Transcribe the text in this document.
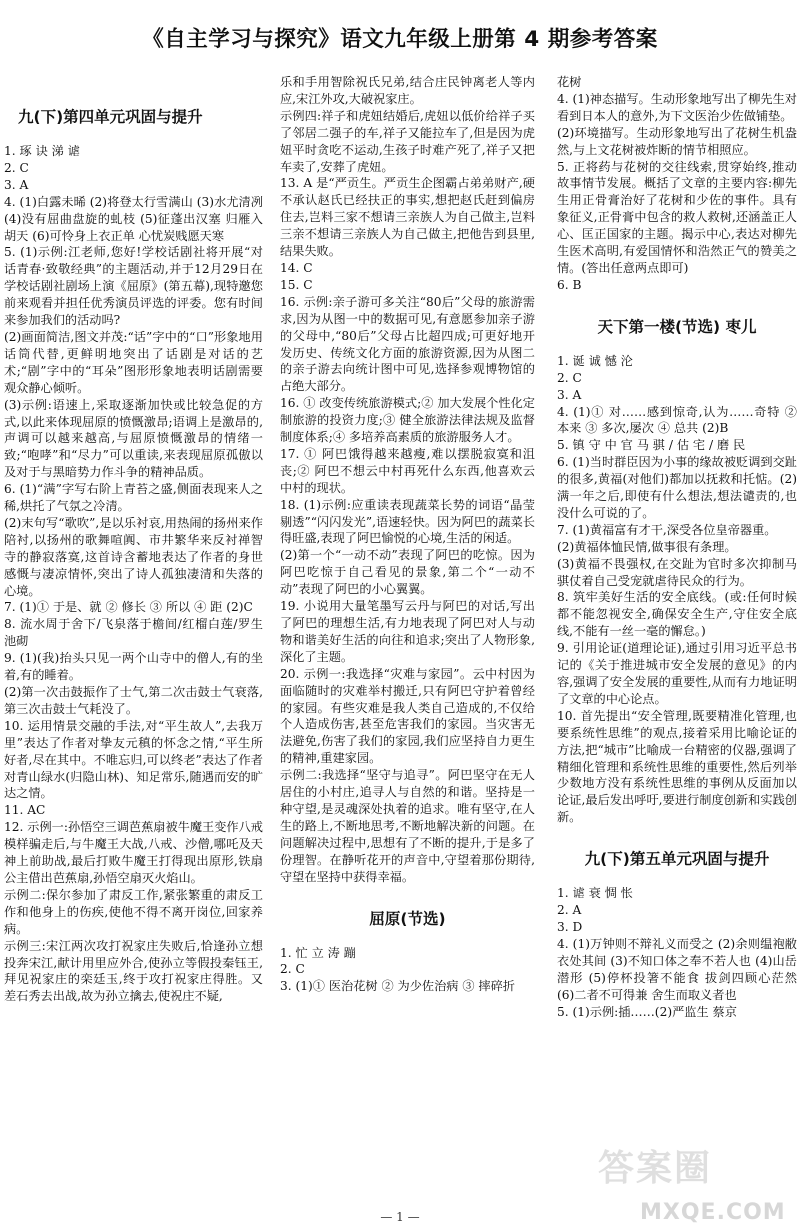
《自主学习与探究》语文九年级上册第 4 期参考答案

九(下)第四单元巩固与提升

1. 琢 诀 涕 谑

2. C

3. A

4. (1)白露未晞 (2)将登太行雪满山 (3)水尤清冽 (4)没有屈曲盘旋的虬枝 (5)征蓬出汉塞 归雁入胡天 (6)可怜身上衣正单 心忧炭贱愿天寒

5. (1)示例:江老师,您好!学校话剧社将开展“对话青春·致敬经典”的主题活动,并于12月29日在学校话剧社剧场上演《屈原》(第五幕),现特邀您前来观看并担任优秀演员评选的评委。您有时间来参加我们的活动吗?

(2)画面简洁,图文并茂:“话”字中的“口”形象地用话筒代替,更鲜明地突出了话剧是对话的艺术;“剧”字中的“耳朵”图形形象地表明话剧需要观众静心倾听。

(3)示例:语速上,采取逐渐加快或比较急促的方式,以此来体现屈原的愤慨激昂;语调上是激昂的,声调可以越来越高,与屈原愤慨激昂的情绪一致;“咆哮”和“尽力”可以重读,来表现屈原孤傲以及对于与黑暗势力作斗争的精神品质。

6. (1)“满”字写右阶上青苔之盛,侧面表现来人之稀,烘托了气氛之冷清。

(2)末句写“歌吹”,是以乐衬哀,用热闹的扬州来作陪衬,以扬州的歌舞喧阗、市井繁华来反衬禅智寺的静寂落寞,这首诗含蓄地表达了作者的身世感慨与凄凉情怀,突出了诗人孤独凄清和失落的心境。

7. (1)① 于是、就 ② 修长 ③ 所以 ④ 距 (2)C

8. 流水周于舍下/飞泉落于檐间/红榴白莲/罗生池砌

9. (1)(我)抬头只见一两个山寺中的僧人,有的坐着,有的睡着。

(2)第一次击鼓振作了士气,第二次击鼓士气衰落,第三次击鼓士气耗没了。

10. 运用情景交融的手法,对“平生故人”,去我万里”表达了作者对挚友元稹的怀念之情,“平生所好者,尽在其中。不唯忘归,可以终老”表达了作者对青山绿水(归隐山林)、知足常乐,随遇而安的旷达之情。

11. AC

12. 示例一:孙悟空三调芭蕉扇被牛魔王变作八戒模样骗走后,与牛魔王大战,八戒、沙僧,哪吒及天神上前助战,最后打败牛魔王打得现出原形,铁扇公主借出芭蕉扇,孙悟空扇灭火焰山。

示例二:保尔参加了肃反工作,紧张繁重的肃反工作和他身上的伤疾,使他不得不离开岗位,回家养病。

示例三:宋江两次攻打祝家庄失败后,恰逢孙立想投奔宋江,献计用里应外合,使孙立等假投秦钰王,拜见祝家庄的栾廷玉,终于攻打祝家庄得胜。又差石秀去出战,故为孙立擒去,使祝庄不疑,

乐和手用智除祝氏兄弟,结合庄民钟离老人等内应,宋江外攻,大破祝家庄。

示例四:祥子和虎妞结婚后,虎妞以低价给祥子买了邻居二强子的车,祥子又能拉车了,但是因为虎妞平时贪吃不运动,生孩子时难产死了,祥子又把车卖了,安葬了虎妞。

13. A 是“严贡生。严贡生企图霸占弟弟财产,硬不承认赵氏已经扶正的事实,想把赵氏赶到偏房住去,岂料三家不想请三亲族人为自己做主,岂料三亲不想请三亲族人为自己做主,把他告到县里,结果失败。

14. C

15. C

16. 示例:亲子游可多关注“80后”父母的旅游需求,因为从图一中的数据可见,有意愿参加亲子游的父母中,“80后”父母占比超四成;可更好地开发历史、传统文化方面的旅游资源,因为从图二的亲子游去向统计图中可见,选择参观博物馆的占绝大部分。

16. ① 改变传统旅游模式;② 加大发展个性化定制旅游的投资力度;③ 健全旅游法律法规及监督制度体系;④ 多培养高素质的旅游服务人才。

17. ① 阿巴饿得越来越瘦,难以摆脱寂寞和沮丧;② 阿巴不想云中村再死什么东西,他喜欢云中村的现状。

18. (1)示例:应重读表现蔬菜长势的词语“晶莹剔透”“闪闪发光”,语速轻快。因为阿巴的蔬菜长得旺盛,表现了阿巴愉悦的心境,生活的闲适。

(2)第一个“一动不动”表现了阿巴的吃惊。因为阿巴吃惊于自己看见的景象,第二个“一动不动”表现了阿巴的小心翼翼。

19. 小说用大量笔墨写云丹与阿巴的对话,写出了阿巴的理想生活,有力地表现了阿巴对人与动物和谐美好生活的向往和追求;突出了人物形象,深化了主题。

20. 示例一:我选择“灾难与家园”。云中村因为面临随时的灾难举村搬迁,只有阿巴守护着曾经的家园。有些灾难是我人类自己造成的,不仅给个人造成伤害,甚至危害我们的家园。当灾害无法避免,伤害了我们的家园,我们应坚持自力更生的精神,重建家园。

示例二:我选择“坚守与追寻”。阿巴坚守在无人居住的小村庄,追寻人与自然的和谐。坚持是一种守望,是灵魂深处执着的追求。唯有坚守,在人生的路上,不断地思考,不断地解决新的问题。在问题解决过程中,思想有了不断的提升,于是多了份理智。在静听花开的声音中,守望着那份期待,守望在坚持中获得幸福。

屈原(节选)

1. 忙 立 涛 蹦

2. C

3. (1)① 医治花树 ② 为少佐治病 ③ 摔碎折

花树

4. (1)神态描写。生动形象地写出了柳先生对看到日本人的意外,为下文医治少佐做铺垫。

(2)环境描写。生动形象地写出了花树生机盎然,与上文花树被炸断的情节相照应。

5. 正将药与花树的交往线索,贯穿始终,推动故事情节发展。概括了文章的主要内容:柳先生用正骨膏治好了花树和少佐的事件。具有象征义,正骨膏中包含的救人救树,还涵盖正人心、匡正国家的主题。揭示中心,表达对柳先生医术高明,有爱国情怀和浩然正气的赞美之情。(答出任意两点即可)

6. B

天下第一楼(节选) 枣儿

1. 诞 诚 憾 沦

2. C

3. A

4. (1)① 对……感到惊奇,认为……奇特 ② 本来 ③ 多次,屡次 ④ 总共 (2)B

5. 镇 守 中 官 马 骐 / 估 宅 / 磨 民

6. (1)当时群臣因为小事的缘故被贬调到交趾的很多,黄福(对他们)都加以抚救和托惦。(2)满一年之后,即使有什么想法,想法谴责的,也没什么可说的了。

7. (1)黄福富有才干,深受各位皇帝器重。

(2)黄福体恤民情,做事很有条理。

(3)黄福不畏强权,在交趾为官时多次抑制马骐仗着自己受宠就虐待民众的行为。

8. 筑牢美好生活的安全底线。(或:任何时候都不能忽视安全,确保安全生产,守住安全底线,不能有一丝一毫的懈怠。)

9. 引用论证(道理论证),通过引用习近平总书记的《关于推进城市安全发展的意见》的内容,强调了安全发展的重要性,从而有力地证明了文章的中心论点。

10. 首先提出“安全管理,既要精准化管理,也要系统性思维”的观点,接着采用比喻论证的方法,把“城市”比喻成一台精密的仪器,强调了精细化管理和系统性思维的重要性,然后列举少数地方没有系统性思维的事例从反面加以论证,最后发出呼吁,要进行制度创新和实践创新。

九(下)第五单元巩固与提升

1. 谑 衰 惆 怅

2. A

3. D

4. (1)万钟则不辩礼义而受之 (2)余则缊袍敝衣处其间 (3)不知口体之奉不若人也 (4)山岳潜形 (5)停杯投箸不能食 拔剑四顾心茫然 (6)二者不可得兼 舍生而取义者也

5. (1)示例:插……(2)严监生 蔡京

答案圈
MXQE.COM
— 1 —
